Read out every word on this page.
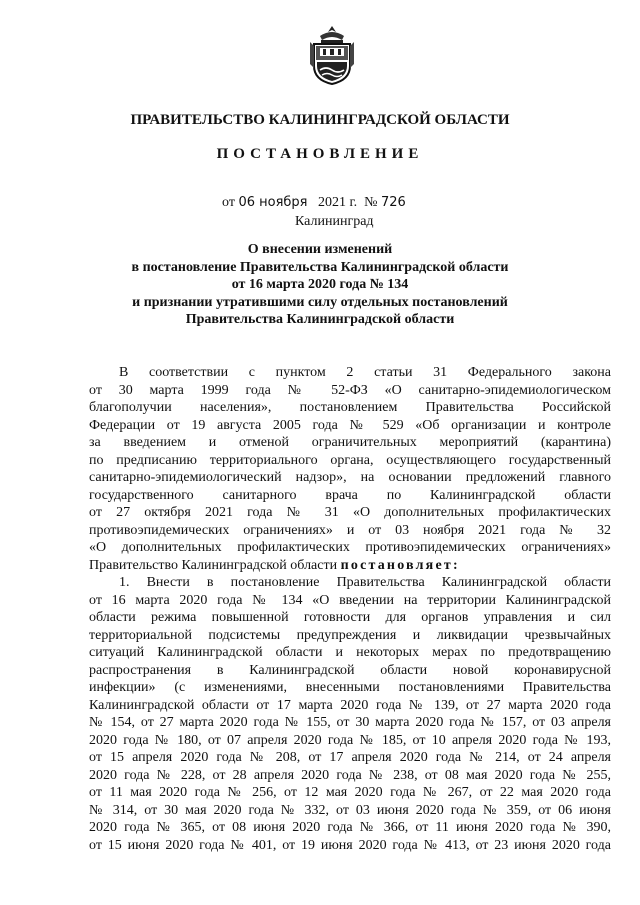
ПРАВИТЕЛЬСТВО КАЛИНИНГРАДСКОЙ ОБЛАСТИ
ПОСТАНОВЛЕНИЕ
от 06 ноября 2021 г. № 726
Калининград
О внесении изменений
в постановление Правительства Калининградской области
от 16 марта 2020 года № 134
и признании утратившими силу отдельных постановлений
Правительства Калининградской области
В соответствии с пунктом 2 статьи 31 Федерального закона
от 30 марта 1999 года № 52-ФЗ «О санитарно-эпидемиологическом
благополучии населения», постановлением Правительства Российской
Федерации от 19 августа 2005 года № 529 «Об организации и контроле
за введением и отменой ограничительных мероприятий (карантина)
по предписанию территориального органа, осуществляющего государственный
санитарно-эпидемиологический надзор», на основании предложений главного
государственного санитарного врача по Калининградской области
от 27 октября 2021 года № 31 «О дополнительных профилактических
противоэпидемических ограничениях» и от 03 ноября 2021 года № 32
«О дополнительных профилактических противоэпидемических ограничениях»
Правительство Калининградской области постановляет:
1. Внести в постановление Правительства Калининградской области
от 16 марта 2020 года № 134 «О введении на территории Калининградской
области режима повышенной готовности для органов управления и сил
территориальной подсистемы предупреждения и ликвидации чрезвычайных
ситуаций Калининградской области и некоторых мерах по предотвращению
распространения в Калининградской области новой коронавирусной
инфекции» (с изменениями, внесенными постановлениями Правительства
Калининградской области от 17 марта 2020 года № 139, от 27 марта 2020 года
№ 154, от 27 марта 2020 года № 155, от 30 марта 2020 года № 157, от 03 апреля
2020 года № 180, от 07 апреля 2020 года № 185, от 10 апреля 2020 года № 193,
от 15 апреля 2020 года № 208, от 17 апреля 2020 года № 214, от 24 апреля
2020 года № 228, от 28 апреля 2020 года № 238, от 08 мая 2020 года № 255,
от 11 мая 2020 года № 256, от 12 мая 2020 года № 267, от 22 мая 2020 года
№ 314, от 30 мая 2020 года № 332, от 03 июня 2020 года № 359, от 06 июня
2020 года № 365, от 08 июня 2020 года № 366, от 11 июня 2020 года № 390,
от 15 июня 2020 года № 401, от 19 июня 2020 года № 413, от 23 июня 2020 года
